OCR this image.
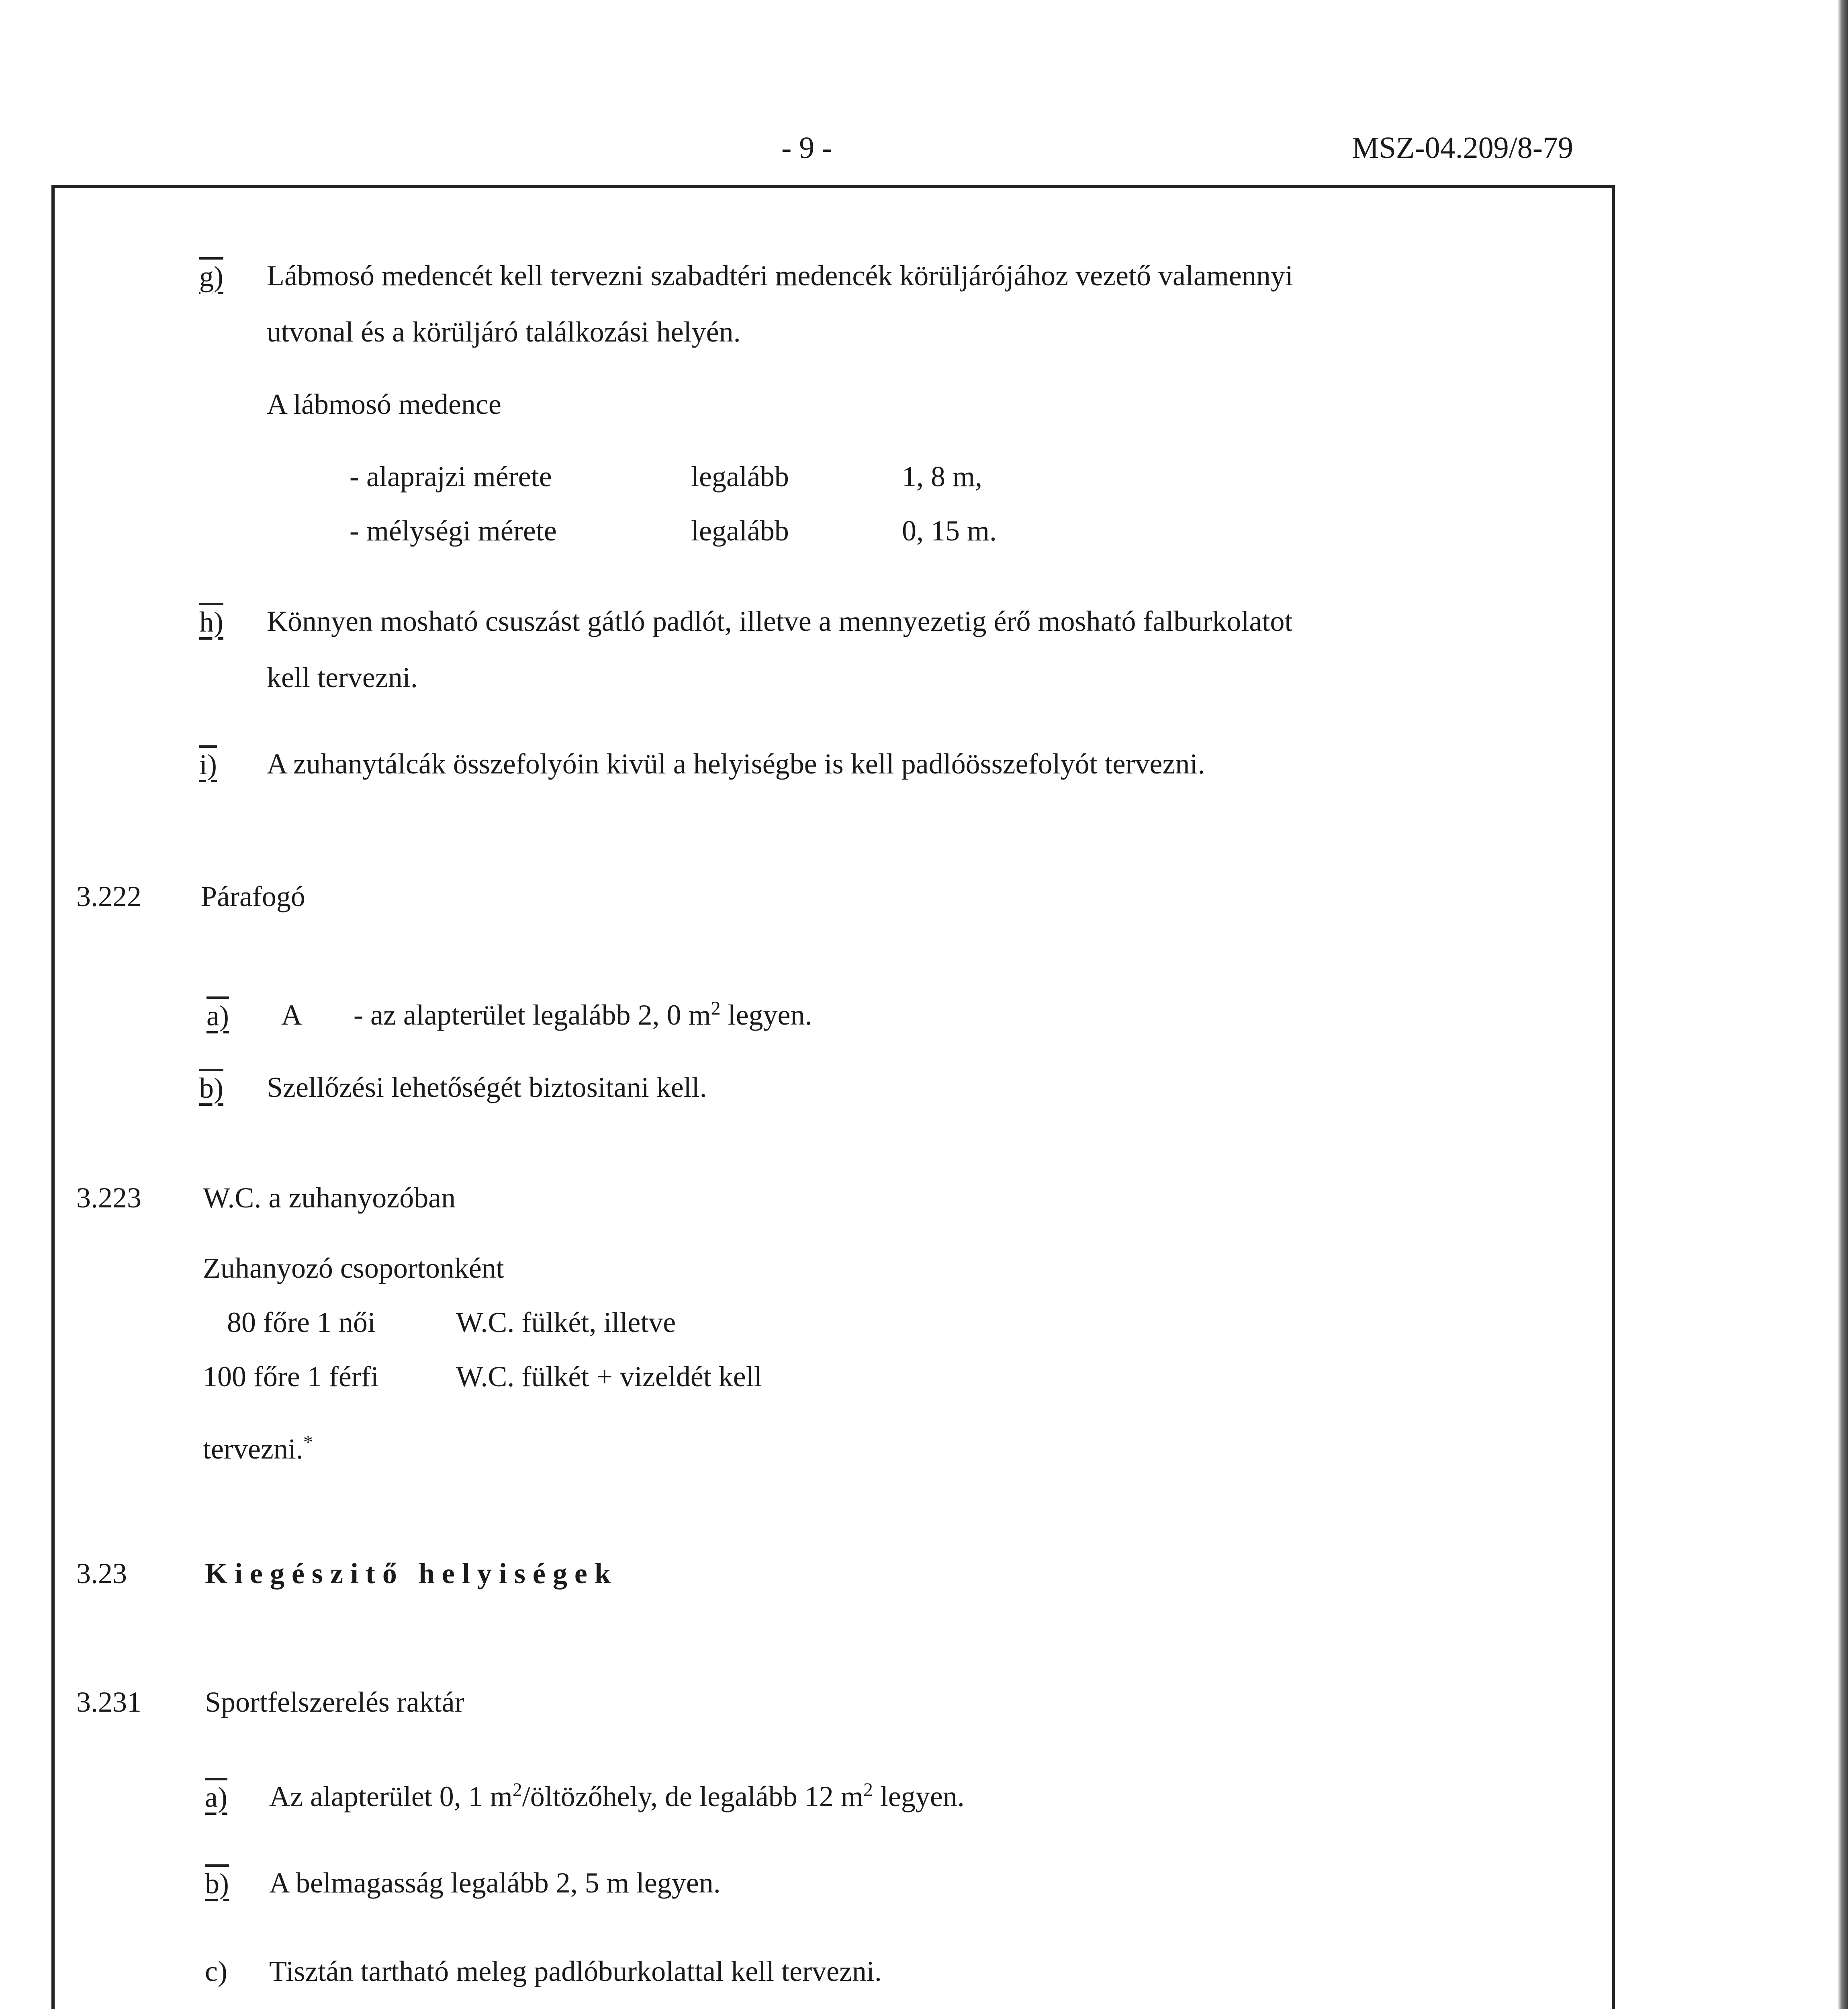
- 9 -	MSZ-04.209/8-79
g) Lábmosó medencét kell tervezni szabadtéri medencék körüljárójához vezető valamennyi
utvonal és a körüljáró találkozási helyén.
A lábmosó medence
- alaprajzi mérete	legalább	1, 8 m,
- mélységi mérete	legalább	0, 15 m.
h) Könnyen mosható csuszást gátló padlót, illetve a mennyezetig érő mosható falburkolatot
kell tervezni.
i) A zuhanytálcák összefolyóin kivül a helyiségbe is kell padlóösszefolyót tervezni.
3.222 Párafogó
a) A - az alapterület legalább 2, 0 $m^2$ legyen.
b) Szellőzési lehetőségét biztositani kell.
3.223 W.C. a zuhanyozóban
Zuhanyozó csoportonként
80 főre 1 női	W.C. fülkét, illetve
100 főre 1 férfi	W.C. fülkét + vizeldét kell
tervezni.*
3.23	Kiegészitő helyiségek
3.231 Sportfelszerelés raktár
a) Az alapterület 0, 1 $m^2$/öltözőhely, de legalább 12 $m^2$ legyen.
b) A belmagasság legalább 2, 5 m legyen.
c) Tisztán tartható meleg padlóburkolattal kell tervezni.
